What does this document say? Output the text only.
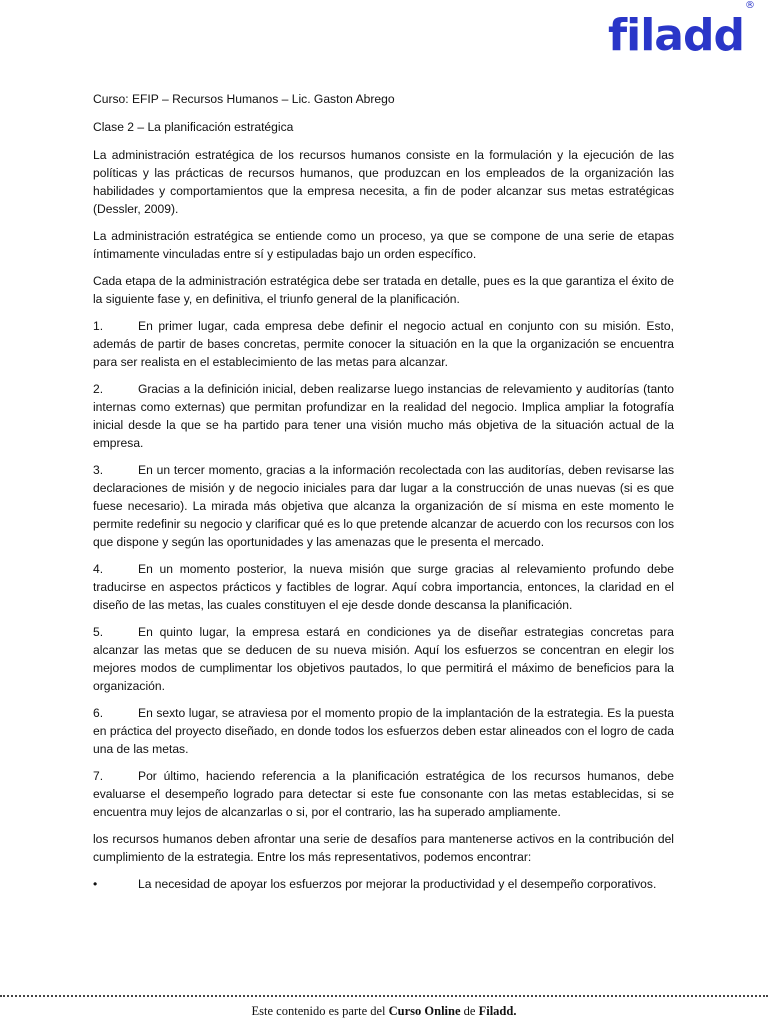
filadd®

Curso: EFIP – Recursos Humanos – Lic. Gaston Abrego

Clase 2 – La planificación estratégica

La administración estratégica de los recursos humanos consiste en la formulación y la ejecución de las políticas y las prácticas de recursos humanos, que produzcan en los empleados de la organización las habilidades y comportamientos que la empresa necesita, a fin de poder alcanzar sus metas estratégicas (Dessler, 2009).

La administración estratégica se entiende como un proceso, ya que se compone de una serie de etapas íntimamente vinculadas entre sí y estipuladas bajo un orden específico.

Cada etapa de la administración estratégica debe ser tratada en detalle, pues es la que garantiza el éxito de la siguiente fase y, en definitiva, el triunfo general de la planificación.

1.	En primer lugar, cada empresa debe definir el negocio actual en conjunto con su misión. Esto, además de partir de bases concretas, permite conocer la situación en la que la organización se encuentra para ser realista en el establecimiento de las metas para alcanzar.

2.	Gracias a la definición inicial, deben realizarse luego instancias de relevamiento y auditorías (tanto internas como externas) que permitan profundizar en la realidad del negocio. Implica ampliar la fotografía inicial desde la que se ha partido para tener una visión mucho más objetiva de la situación actual de la empresa.

3.	En un tercer momento, gracias a la información recolectada con las auditorías, deben revisarse las declaraciones de misión y de negocio iniciales para dar lugar a la construcción de unas nuevas (si es que fuese necesario). La mirada más objetiva que alcanza la organización de sí misma en este momento le permite redefinir su negocio y clarificar qué es lo que pretende alcanzar de acuerdo con los recursos con los que dispone y según las oportunidades y las amenazas que le presenta el mercado.

4.	En un momento posterior, la nueva misión que surge gracias al relevamiento profundo debe traducirse en aspectos prácticos y factibles de lograr. Aquí cobra importancia, entonces, la claridad en el diseño de las metas, las cuales constituyen el eje desde donde descansa la planificación.

5.	En quinto lugar, la empresa estará en condiciones ya de diseñar estrategias concretas para alcanzar las metas que se deducen de su nueva misión. Aquí los esfuerzos se concentran en elegir los mejores modos de cumplimentar los objetivos pautados, lo que permitirá el máximo de beneficios para la organización.

6.	En sexto lugar, se atraviesa por el momento propio de la implantación de la estrategia. Es la puesta en práctica del proyecto diseñado, en donde todos los esfuerzos deben estar alineados con el logro de cada una de las metas.

7.	Por último, haciendo referencia a la planificación estratégica de los recursos humanos, debe evaluarse el desempeño logrado para detectar si este fue consonante con las metas establecidas, si se encuentra muy lejos de alcanzarlas o si, por el contrario, las ha superado ampliamente.

los recursos humanos deben afrontar una serie de desafíos para mantenerse activos en la contribución del cumplimiento de la estrategia. Entre los más representativos, podemos encontrar:

•	La necesidad de apoyar los esfuerzos por mejorar la productividad y el desempeño corporativos.

Este contenido es parte del Curso Online de Filadd.
